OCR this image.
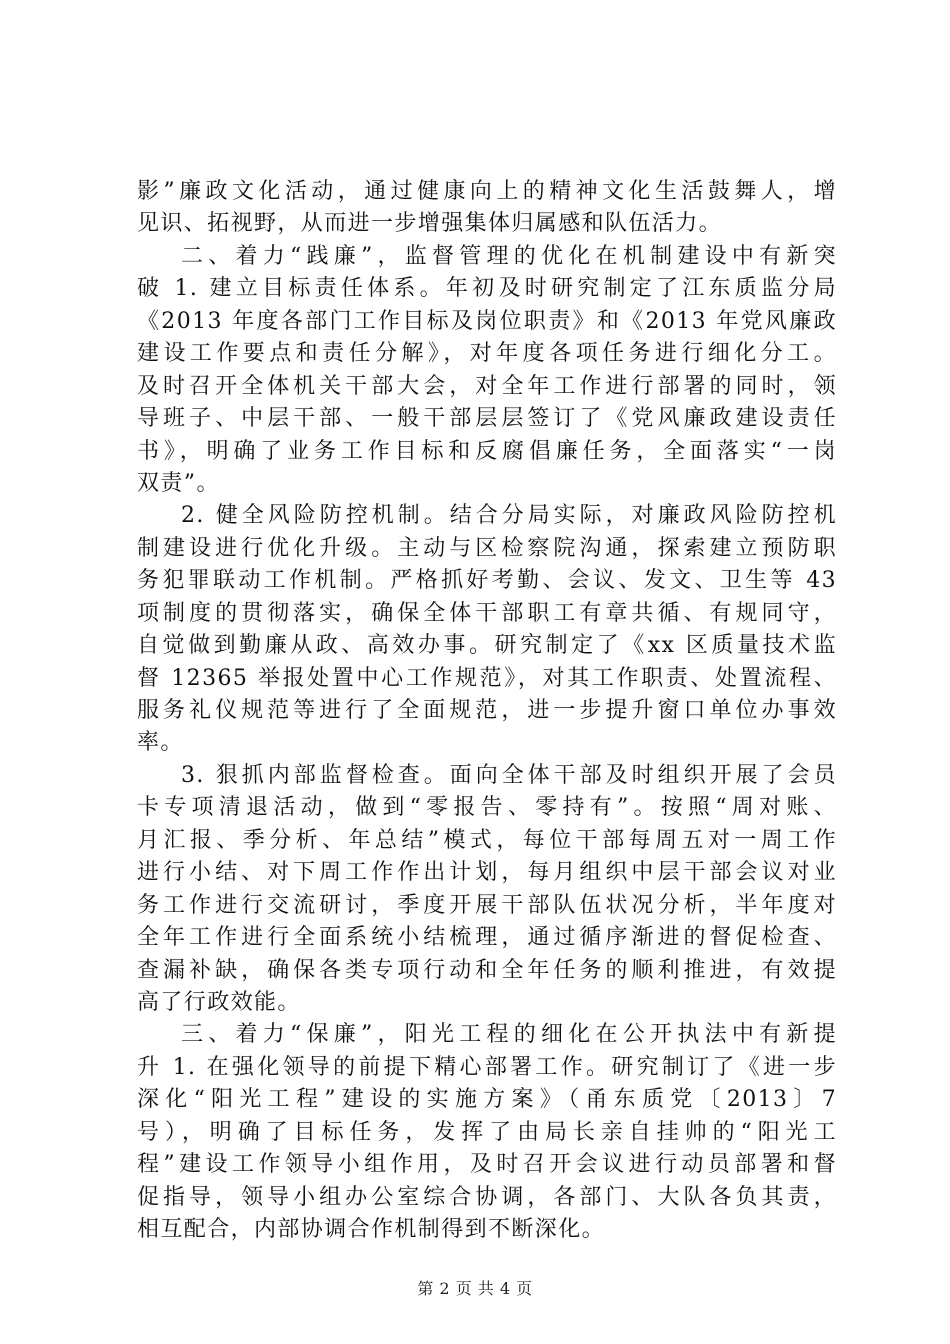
影”廉政文化活动，通过健康向上的精神文化生活鼓舞人，增
见识、拓视野，从而进一步增强集体归属感和队伍活力。
二、着力“践廉”，监督管理的优化在机制建设中有新突
破 1. 建立目标责任体系。年初及时研究制定了江东质监分局
《2013 年度各部门工作目标及岗位职责》和《2013 年党风廉政
建设工作要点和责任分解》，对年度各项任务进行细化分工。
及时召开全体机关干部大会，对全年工作进行部署的同时，领
导班子、中层干部、一般干部层层签订了《党风廉政建设责任
书》，明确了业务工作目标和反腐倡廉任务，全面落实“一岗
双责”。
2. 健全风险防控机制。结合分局实际，对廉政风险防控机
制建设进行优化升级。主动与区检察院沟通，探索建立预防职
务犯罪联动工作机制。严格抓好考勤、会议、发文、卫生等 43
项制度的贯彻落实，确保全体干部职工有章共循、有规同守，
自觉做到勤廉从政、高效办事。研究制定了《xx 区质量技术监
督 12365 举报处置中心工作规范》，对其工作职责、处置流程、
服务礼仪规范等进行了全面规范，进一步提升窗口单位办事效
率。
3. 狠抓内部监督检查。面向全体干部及时组织开展了会员
卡专项清退活动，做到“零报告、零持有”。按照“周对账、
月汇报、季分析、年总结”模式，每位干部每周五对一周工作
进行小结、对下周工作作出计划，每月组织中层干部会议对业
务工作进行交流研讨，季度开展干部队伍状况分析，半年度对
全年工作进行全面系统小结梳理，通过循序渐进的督促检查、
查漏补缺，确保各类专项行动和全年任务的顺利推进，有效提
高了行政效能。
三、着力“保廉”，阳光工程的细化在公开执法中有新提
升 1. 在强化领导的前提下精心部署工作。研究制订了《进一步
深化“阳光工程”建设的实施方案》（甬东质党〔2013〕7
号），明确了目标任务，发挥了由局长亲自挂帅的“阳光工
程”建设工作领导小组作用，及时召开会议进行动员部署和督
促指导，领导小组办公室综合协调，各部门、大队各负其责，
相互配合，内部协调合作机制得到不断深化。
第 2 页 共 4 页
